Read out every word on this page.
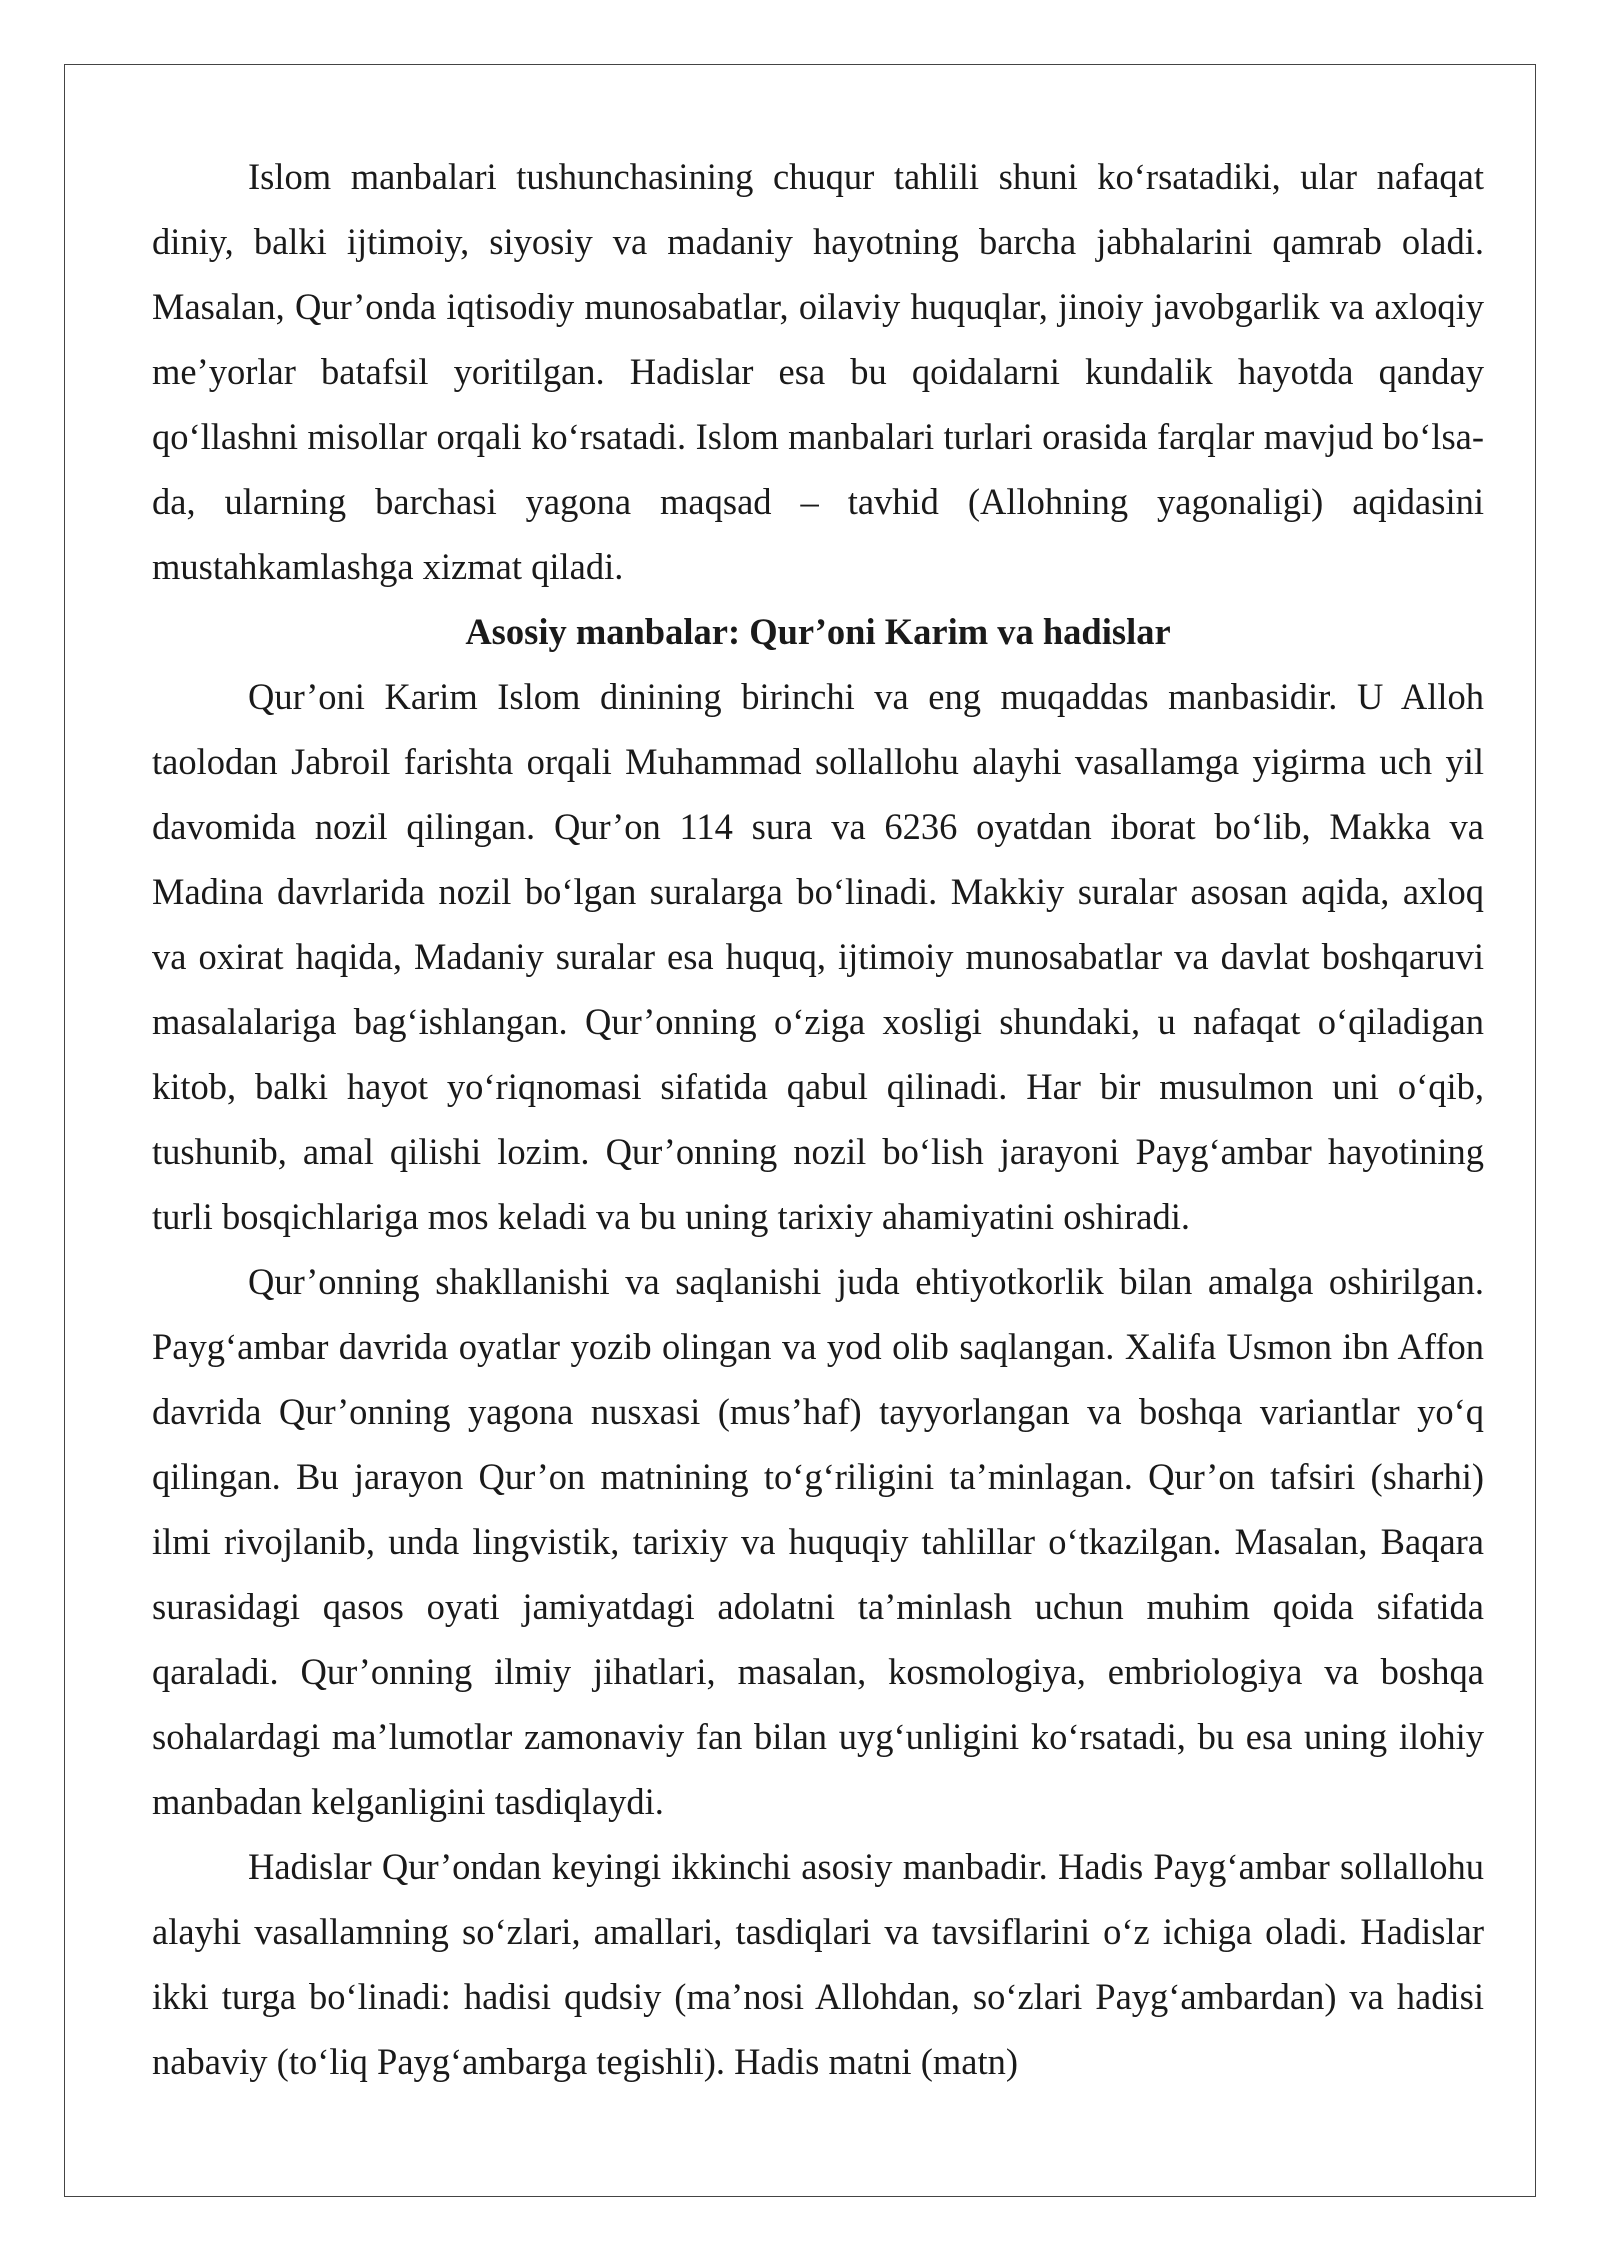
Islom manbalari tushunchasining chuqur tahlili shuni ko‘rsatadiki, ular nafaqat diniy, balki ijtimoiy, siyosiy va madaniy hayotning barcha jabhalarini qamrab oladi. Masalan, Qur’onda iqtisodiy munosabatlar, oilaviy huquqlar, jinoiy javobgarlik va axloqiy me’yorlar batafsil yoritilgan. Hadislar esa bu qoidalarni kundalik hayotda qanday qo‘llashni misollar orqali ko‘rsatadi. Islom manbalari turlari orasida farqlar mavjud bo‘lsa-da, ularning barchasi yagona maqsad – tavhid (Allohning yagonaligi) aqidasini mustahkamlashga xizmat qiladi.

Asosiy manbalar: Qur’oni Karim va hadislar

Qur’oni Karim Islom dinining birinchi va eng muqaddas manbasidir. U Alloh taolodan Jabroil farishta orqali Muhammad sollallohu alayhi vasallamga yigirma uch yil davomida nozil qilingan. Qur’on 114 sura va 6236 oyatdan iborat bo‘lib, Makka va Madina davrlarida nozil bo‘lgan suralarga bo‘linadi. Makkiy suralar asosan aqida, axloq va oxirat haqida, Madaniy suralar esa huquq, ijtimoiy munosabatlar va davlat boshqaruvi masalalariga bag‘ishlangan. Qur’onning o‘ziga xosligi shundaki, u nafaqat o‘qiladigan kitob, balki hayot yo‘riqnomasi sifatida qabul qilinadi. Har bir musulmon uni o‘qib, tushunib, amal qilishi lozim. Qur’onning nozil bo‘lish jarayoni Payg‘ambar hayotining turli bosqichlariga mos keladi va bu uning tarixiy ahamiyatini oshiradi.

Qur’onning shakllanishi va saqlanishi juda ehtiyotkorlik bilan amalga oshirilgan. Payg‘ambar davrida oyatlar yozib olingan va yod olib saqlangan. Xalifa Usmon ibn Affon davrida Qur’onning yagona nusxasi (mus’haf) tayyorlangan va boshqa variantlar yo‘q qilingan. Bu jarayon Qur’on matnining to‘g‘riligini ta’minlagan. Qur’on tafsiri (sharhi) ilmi rivojlanib, unda lingvistik, tarixiy va huquqiy tahlillar o‘tkazilgan. Masalan, Baqara surasidagi qasos oyati jamiyatdagi adolatni ta’minlash uchun muhim qoida sifatida qaraladi. Qur’onning ilmiy jihatlari, masalan, kosmologiya, embriologiya va boshqa sohalardagi ma’lumotlar zamonaviy fan bilan uyg‘unligini ko‘rsatadi, bu esa uning ilohiy manbadan kelganligini tasdiqlaydi.

Hadislar Qur’ondan keyingi ikkinchi asosiy manbadir. Hadis Payg‘ambar sollallohu alayhi vasallamning so‘zlari, amallari, tasdiqlari va tavsiflarini o‘z ichiga oladi. Hadislar ikki turga bo‘linadi: hadisi qudsiy (ma’nosi Allohdan, so‘zlari Payg‘ambardan) va hadisi nabaviy (to‘liq Payg‘ambarga tegishli). Hadis matni (matn)
